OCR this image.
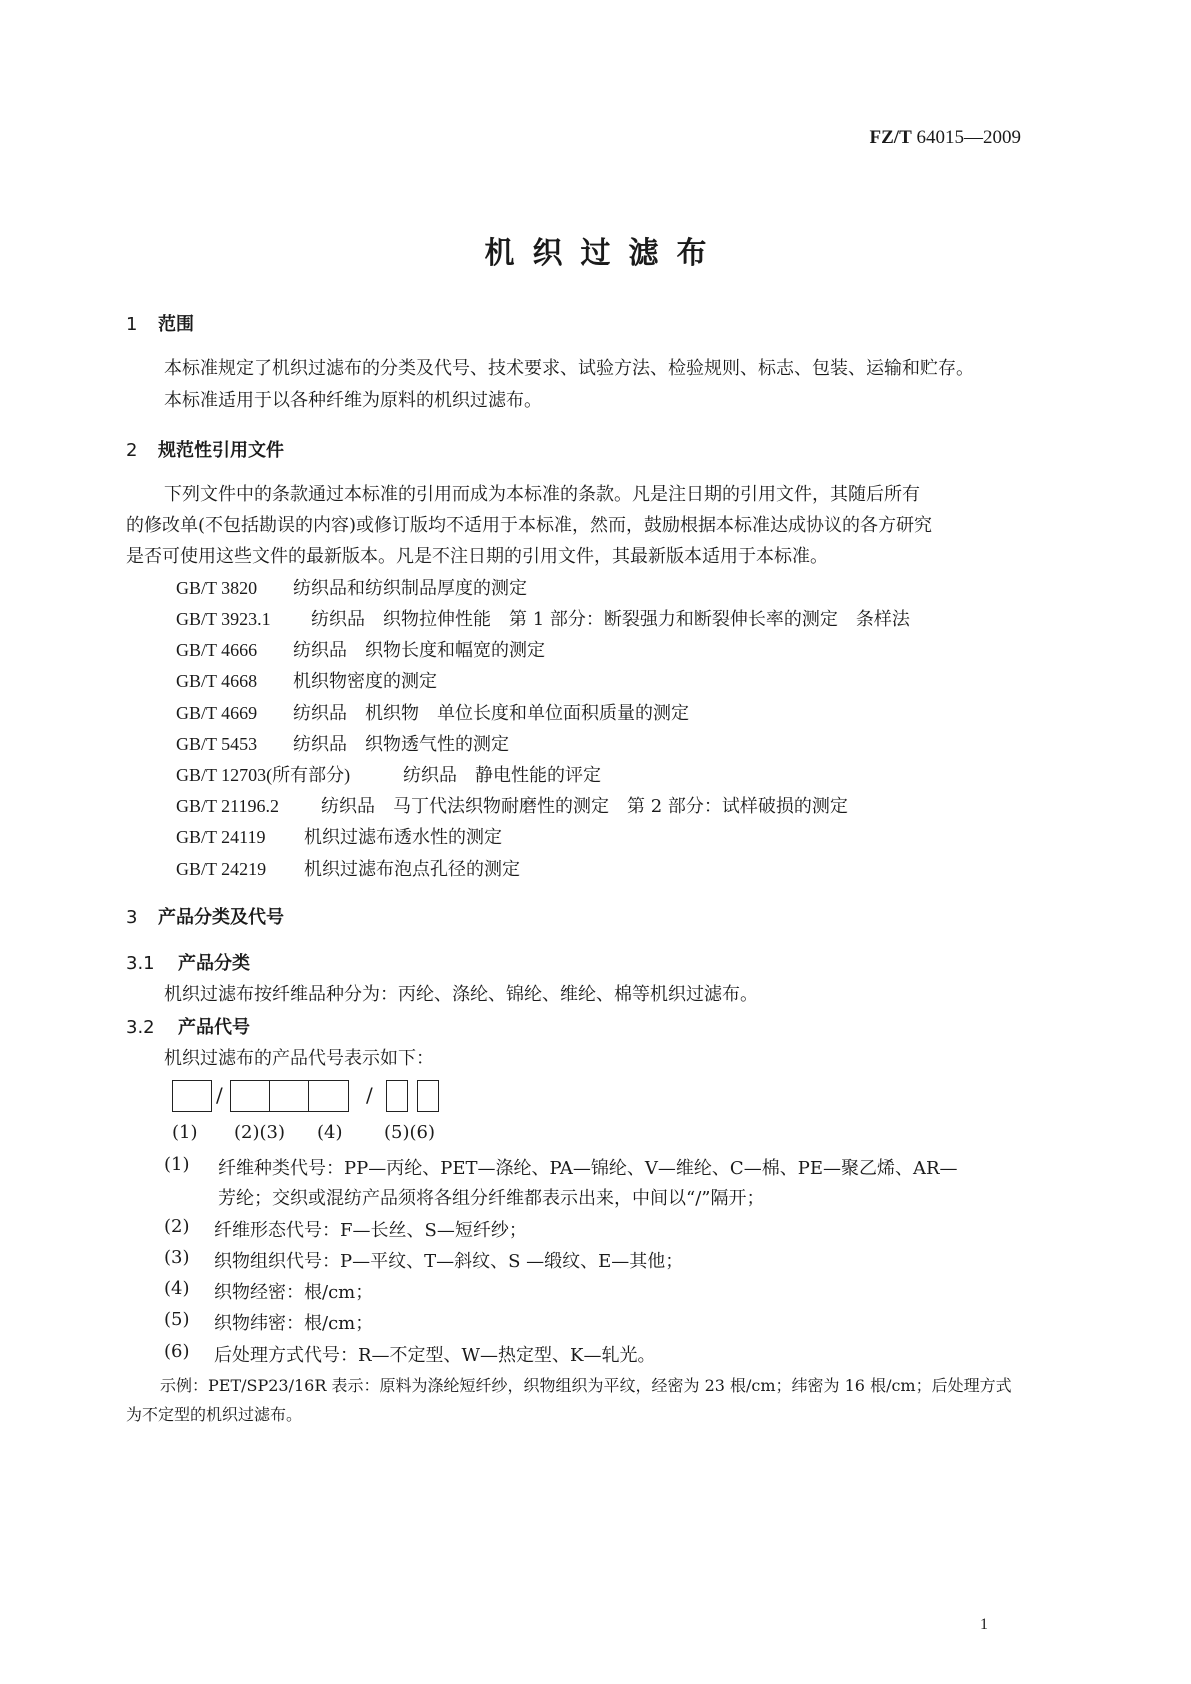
FZ/T 64015—2009
机织过滤布
1 范围
本标准规定了机织过滤布的分类及代号、技术要求、试验方法、检验规则、标志、包装、运输和贮存。
本标准适用于以各种纤维为原料的机织过滤布。
2 规范性引用文件
下列文件中的条款通过本标准的引用而成为本标准的条款。凡是注日期的引用文件，其随后所有
的修改单(不包括勘误的内容)或修订版均不适用于本标准，然而，鼓励根据本标准达成协议的各方研究
是否可使用这些文件的最新版本。凡是不注日期的引用文件，其最新版本适用于本标准。
GB/T 3820 纺织品和纺织制品厚度的测定
GB/T 3923.1 纺织品　织物拉伸性能　第 1 部分：断裂强力和断裂伸长率的测定　条样法
GB/T 4666 纺织品　织物长度和幅宽的测定
GB/T 4668 机织物密度的测定
GB/T 4669 纺织品　机织物　单位长度和单位面积质量的测定
GB/T 5453 纺织品　织物透气性的测定
GB/T 12703(所有部分)	纺织品　静电性能的评定
GB/T 21196.2 纺织品　马丁代法织物耐磨性的测定　第 2 部分：试样破损的测定
GB/T 24119 机织过滤布透水性的测定
GB/T 24219 机织过滤布泡点孔径的测定
3 产品分类及代号
3.1 产品分类
机织过滤布按纤维品种分为：丙纶、涤纶、锦纶、维纶、棉等机织过滤布。
3.2 产品代号
机织过滤布的产品代号表示如下：
/	/
(1) (2)(3) (4) (5)(6)
(1) 纤维种类代号：PP—丙纶、PET—涤纶、PA—锦纶、V—维纶、C—棉、PE—聚乙烯、AR—
芳纶；交织或混纺产品须将各组分纤维都表示出来，中间以“/”隔开；
(2) 纤维形态代号：F—长丝、S—短纤纱；
(3) 织物组织代号：P—平纹、T—斜纹、S —缎纹、E—其他；
(4) 织物经密：根/cm；
(5) 织物纬密：根/cm；
(6) 后处理方式代号：R—不定型、W—热定型、K—轧光。
示例：PET/SP23/16R 表示：原料为涤纶短纤纱，织物组织为平纹，经密为 23 根/cm；纬密为 16 根/cm；后处理方式
为不定型的机织过滤布。
1
